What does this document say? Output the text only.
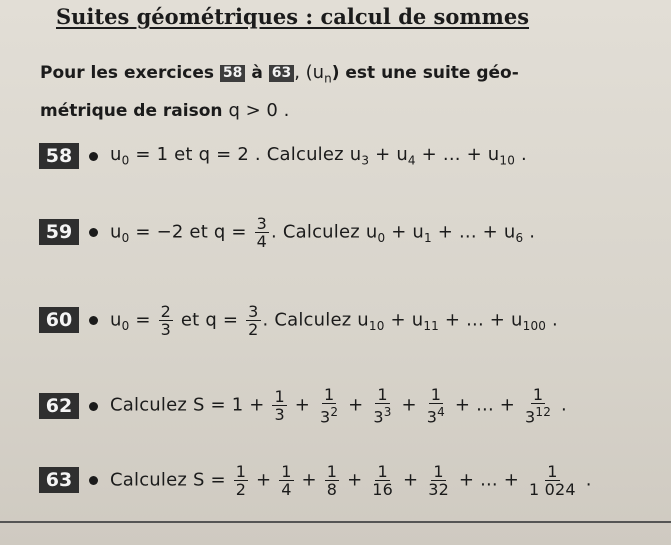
Suites géométriques : calcul de sommes
Pour les exercices 58 à 63 , $(u_n)$ est une suite géo-
métrique de raison q > 0 .
58	$u_0 = 1$ et q = 2 . Calculez $u_3 + u_4$ + ... + $u_{10}$ .
59	$u_0 = -2$ et $q = \frac{3}{4}$ . Calculez $u_0 + u_1$ + ... + $u_6$ .
60	$u_0 = \frac{2}{3}$ et $q = \frac{3}{2}$ . Calculez $u_{10} + u_{11}$ + ... + $u_{100}$ .
62	Calculez $S = 1 + \frac{1}{3} + \frac{1}{3^2} + \frac{1}{3^3} + \frac{1}{3^4}$ + ... + $\frac{1}{3^{12}}$ .
63	Calculez $S = \frac{1}{2} + \frac{1}{4} + \frac{1}{8} + \frac{1}{16} + \frac{1}{32}$ + ... + $\frac{1}{1 024}$ .
